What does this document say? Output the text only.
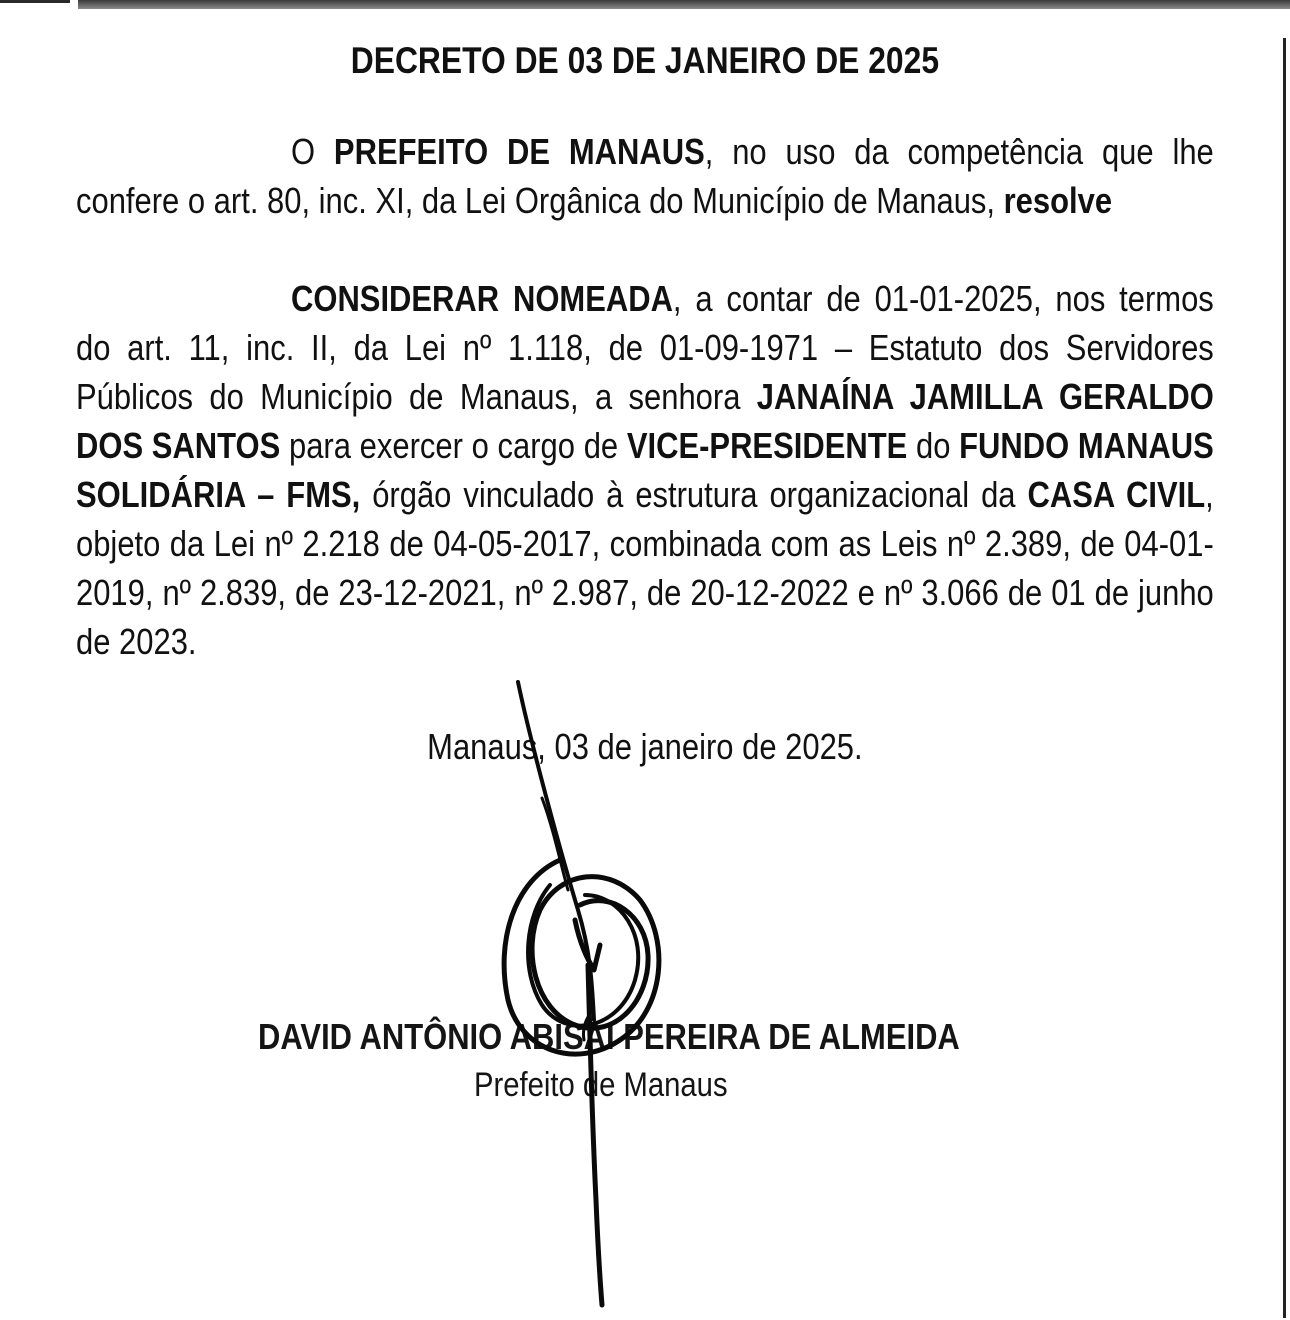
DECRETO DE 03 DE JANEIRO DE 2025

O PREFEITO DE MANAUS, no uso da competência que lhe confere o art. 80, inc. XI, da Lei Orgânica do Município de Manaus, resolve

CONSIDERAR NOMEADA, a contar de 01-01-2025, nos termos do art. 11, inc. II, da Lei nº 1.118, de 01-09-1971 – Estatuto dos Servidores Públicos do Município de Manaus, a senhora JANAÍNA JAMILLA GERALDO DOS SANTOS para exercer o cargo de VICE-PRESIDENTE do FUNDO MANAUS SOLIDÁRIA – FMS, órgão vinculado à estrutura organizacional da CASA CIVIL, objeto da Lei nº 2.218 de 04-05-2017, combinada com as Leis nº 2.389, de 04-01-2019, nº 2.839, de 23-12-2021, nº 2.987, de 20-12-2022 e nº 3.066 de 01 de junho de 2023.

Manaus, 03 de janeiro de 2025.

DAVID ANTÔNIO ABISAI PEREIRA DE ALMEIDA
Prefeito de Manaus
